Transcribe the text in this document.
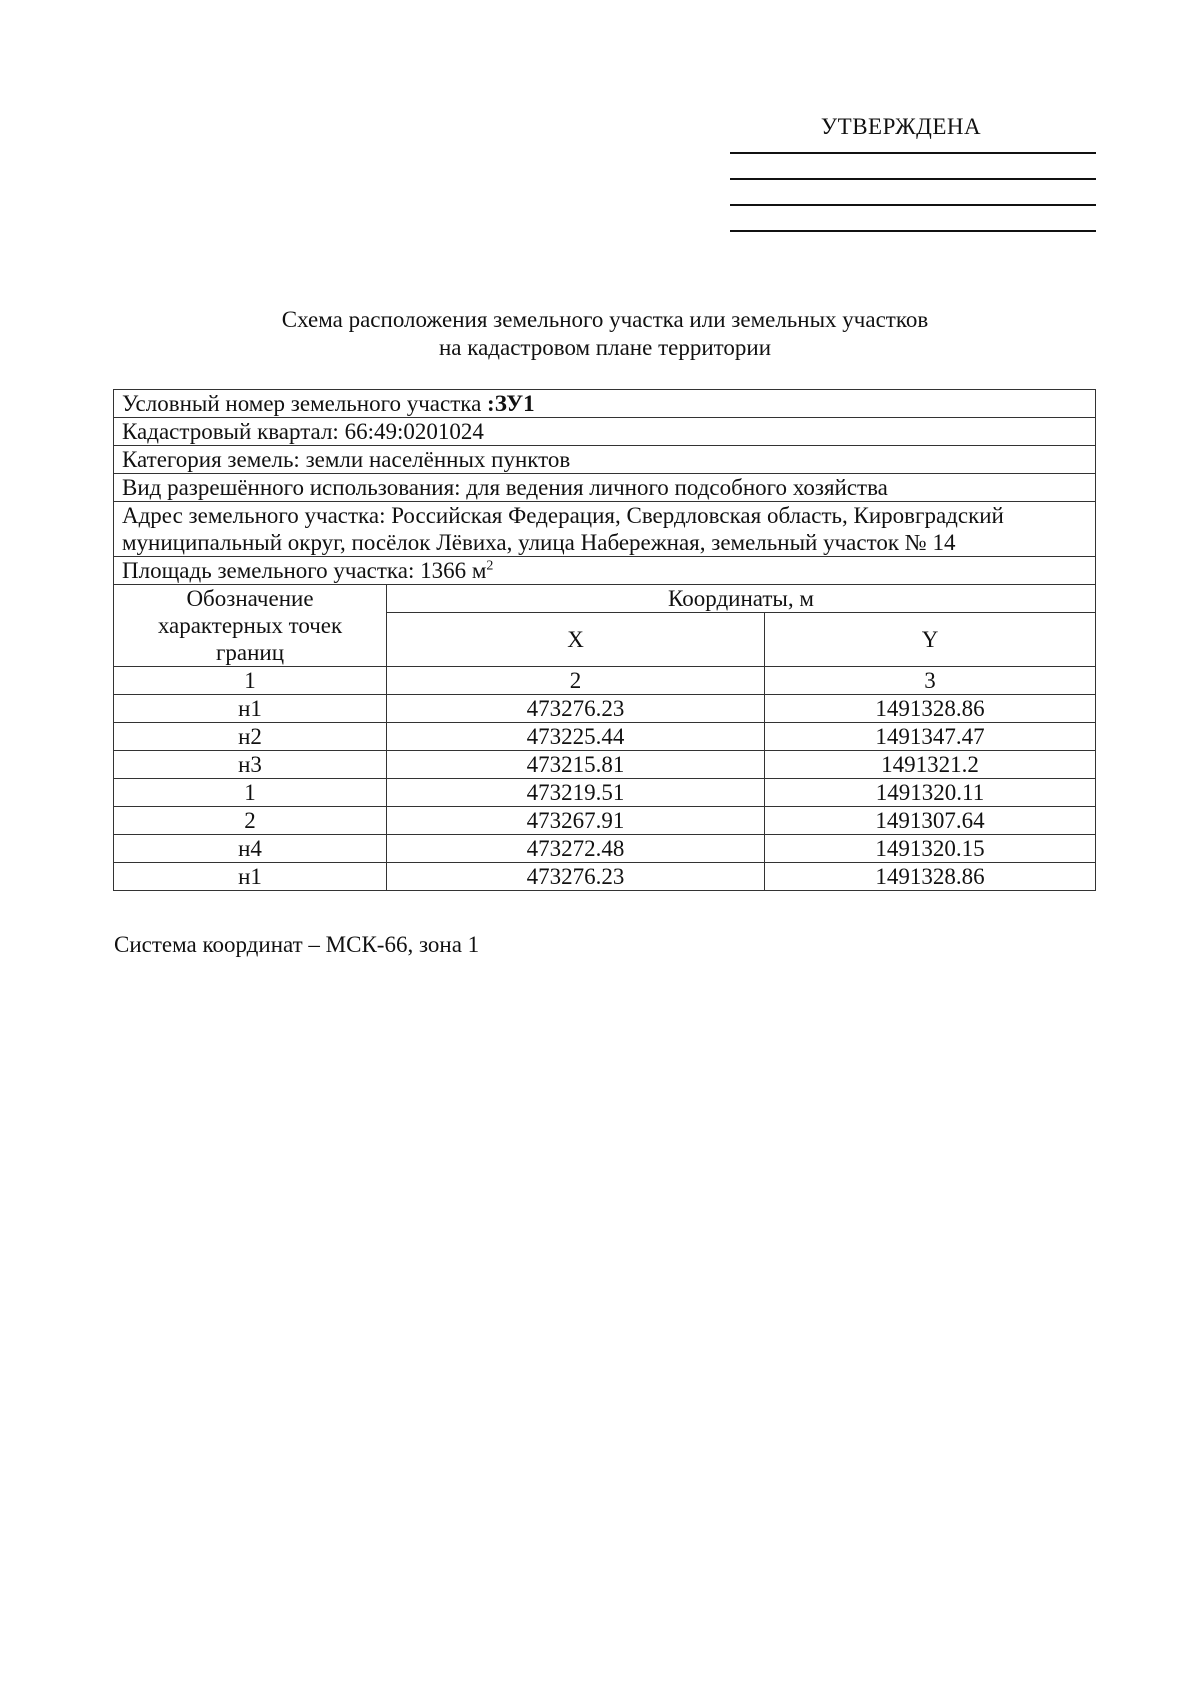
УТВЕРЖДЕНА
Схема расположения земельного участка или земельных участков
на кадастровом плане территории
Условный номер земельного участка :ЗУ1		
Кадастровый квартал: 66:49:0201024		
Категория земель: земли населённых пунктов		
Вид разрешённого использования: для ведения личного подсобного хозяйства		
Адрес земельного участка: Российская Федерация, Свердловская область, Кировградский муниципальный округ, посёлок Лёвиха, улица Набережная, земельный участок № 14		
Площадь земельного участка: 1366 $м^2$
Обозначение характерных точек границ	Координаты, м	
	X	Y
1	2	3
н1	473276.23	1491328.86
н2	473225.44	1491347.47
н3	473215.81	1491321.2
1	473219.51	1491320.11
2	473267.91	1491307.64
н4	473272.48	1491320.15
н1	473276.23	1491328.86
Система координат – МСК-66, зона 1
